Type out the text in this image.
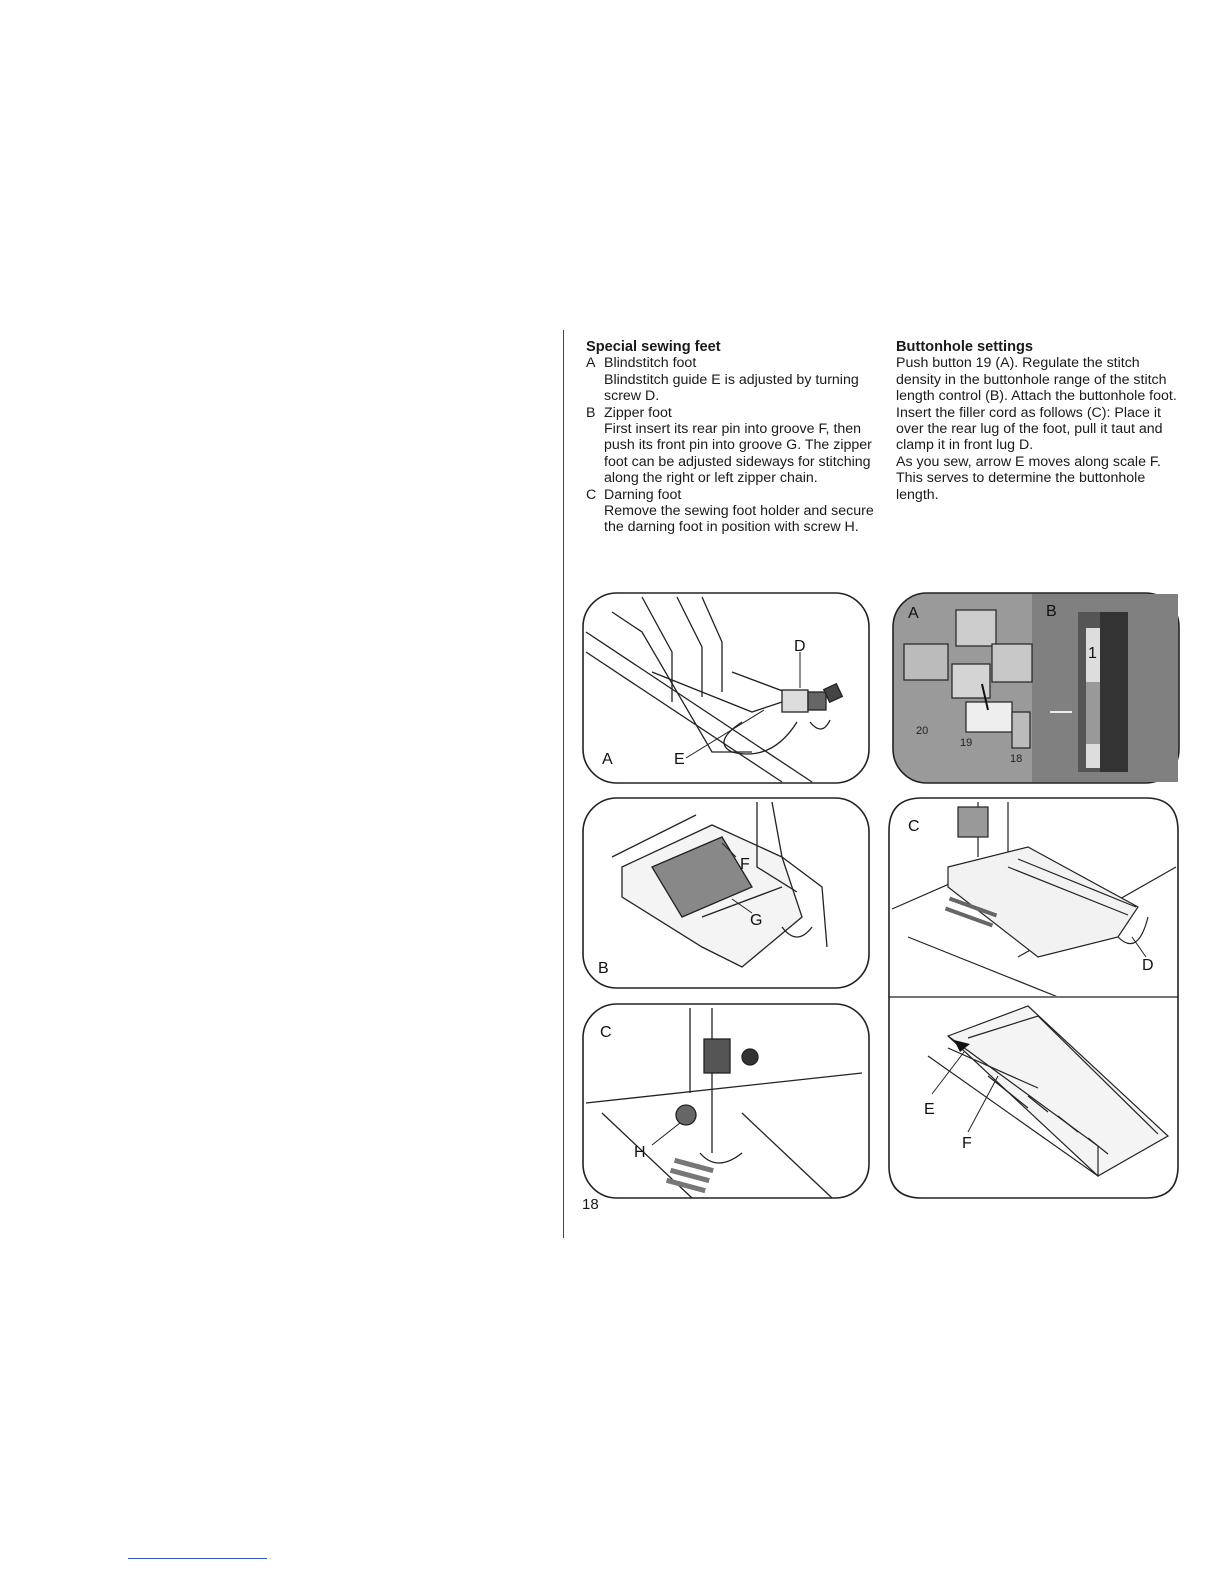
Special sewing feet
A Blindstitch foot
Blindstitch guide E is adjusted by turning screw D.
B Zipper foot
First insert its rear pin into groove F, then push its front pin into groove G. The zipper foot can be adjusted sideways for stitching along the right or left zipper chain.
C Darning foot
Remove the sewing foot holder and secure the darning foot in position with screw H.
Buttonhole settings
Push button 19 (A). Regulate the stitch density in the buttonhole range of the stitch length control (B). Attach the buttonhole foot. Insert the filler cord as follows (C): Place it over the rear lug of the foot, pull it taut and clamp it in front lug D.
As you sew, arrow E moves along scale F. This serves to determine the buttonhole length.
D
E
A
F
G
B
H
C
20
19
18
1
A	B
D
C
E
F
18
